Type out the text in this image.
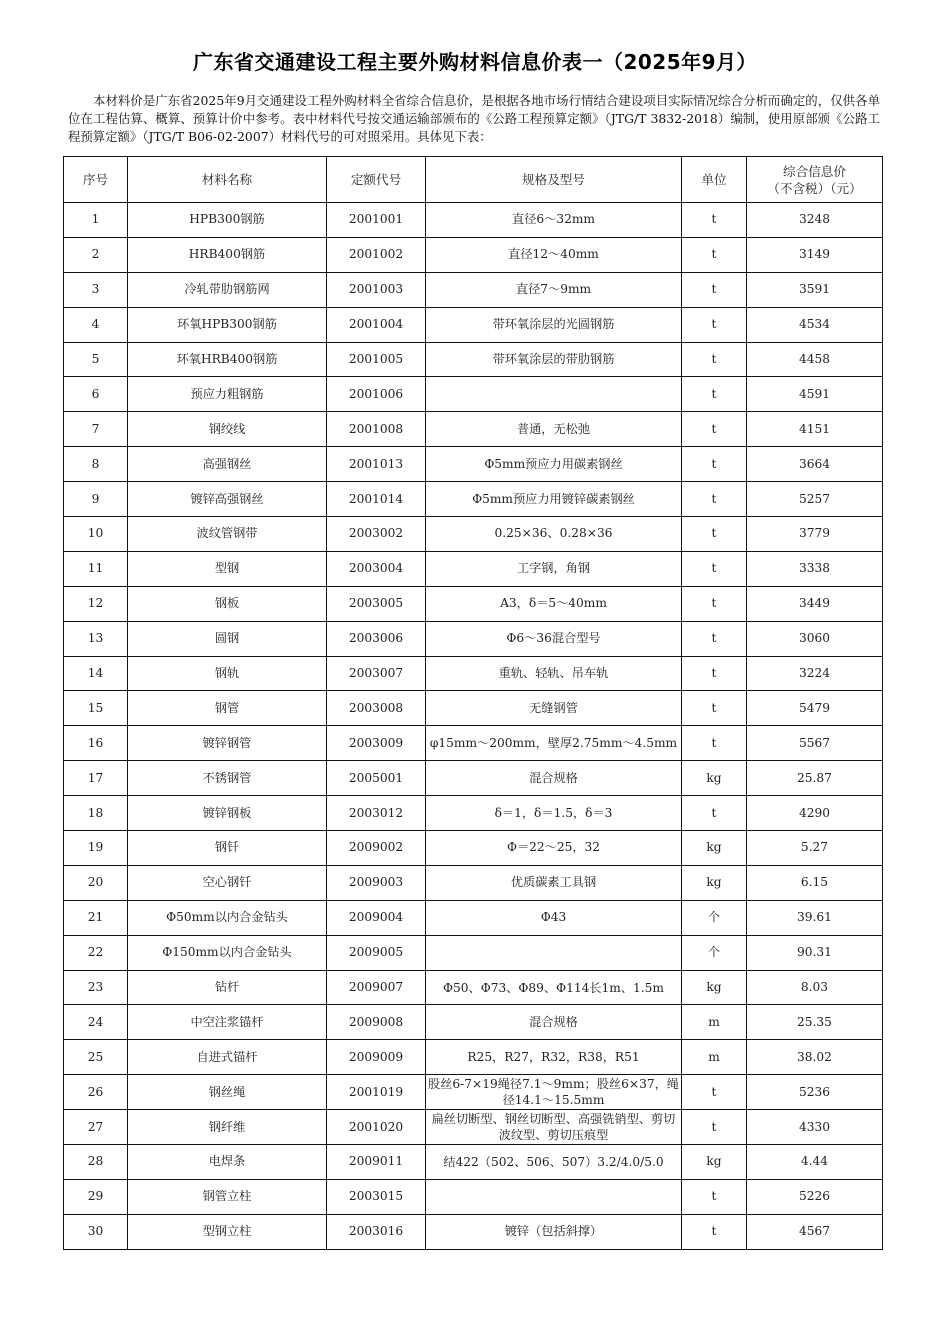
广东省交通建设工程主要外购材料信息价表一（2025年9月）
本材料价是广东省2025年9月交通建设工程外购材料全省综合信息价，是根据各地市场行情结合建设项目实际情况综合分析而确定的，仅供各单位在工程估算、概算、预算计价中参考。表中材料代号按交通运输部颁布的《公路工程预算定额》（JTG/T 3832-2018）编制，使用原部颁《公路工程预算定额》（JTG/T B06-02-2007）材料代号的可对照采用。具体见下表：
序号	材料名称	定额代号	规格及型号	单位	综合信息价
（不含税）（元）

1	HPB300钢筋	2001001	直径6～32mm	t	3248
2	HRB400钢筋	2001002	直径12～40mm	t	3149
3	冷轧带肋钢筋网	2001003	直径7～9mm	t	3591
4	环氧HPB300钢筋	2001004	带环氧涂层的光圆钢筋	t	4534
5	环氧HRB400钢筋	2001005	带环氧涂层的带肋钢筋	t	4458
6	预应力粗钢筋	2001006		t	4591
7	钢绞线	2001008	普通，无松弛	t	4151
8	高强钢丝	2001013	Φ5mm预应力用碳素钢丝	t	3664
9	镀锌高强钢丝	2001014	Φ5mm预应力用镀锌碳素钢丝	t	5257
10	波纹管钢带	2003002	0.25×36、0.28×36	t	3779
11	型钢	2003004	工字钢，角钢	t	3338
12	钢板	2003005	A3，δ＝5～40mm	t	3449
13	圆钢	2003006	Φ6～36混合型号	t	3060
14	钢轨	2003007	重轨、轻轨、吊车轨	t	3224
15	钢管	2003008	无缝钢管	t	5479
16	镀锌钢管	2003009	φ15mm～200mm，壁厚2.75mm～4.5mm	t	5567
17	不锈钢管	2005001	混合规格	kg	25.87
18	镀锌钢板	2003012	δ＝1，δ＝1.5，δ＝3	t	4290
19	钢钎	2009002	Φ＝22～25，32	kg	5.27
20	空心钢钎	2009003	优质碳素工具钢	kg	6.15
21	Φ50mm以内合金钻头	2009004	Φ43	个	39.61
22	Φ150mm以内合金钻头	2009005		个	90.31
23	钻杆	2009007	Φ50、Φ73、Φ89、Φ114长1m、1.5m	kg	8.03
24	中空注浆锚杆	2009008	混合规格	m	25.35
25	自进式锚杆	2009009	R25，R27，R32，R38，R51	m	38.02
26	钢丝绳	2001019	股丝6-7×19绳径7.1～9mm；股丝6×37，绳径14.1～15.5mm	t	5236
27	钢纤维	2001020	扁丝切断型、钢丝切断型、高强铣销型、剪切波纹型、剪切压痕型	t	4330
28	电焊条	2009011	结422（502、506、507）3.2/4.0/5.0	kg	4.44
29	钢管立柱	2003015		t	5226
30	型钢立柱	2003016	镀锌（包括斜撑）	t	4567
